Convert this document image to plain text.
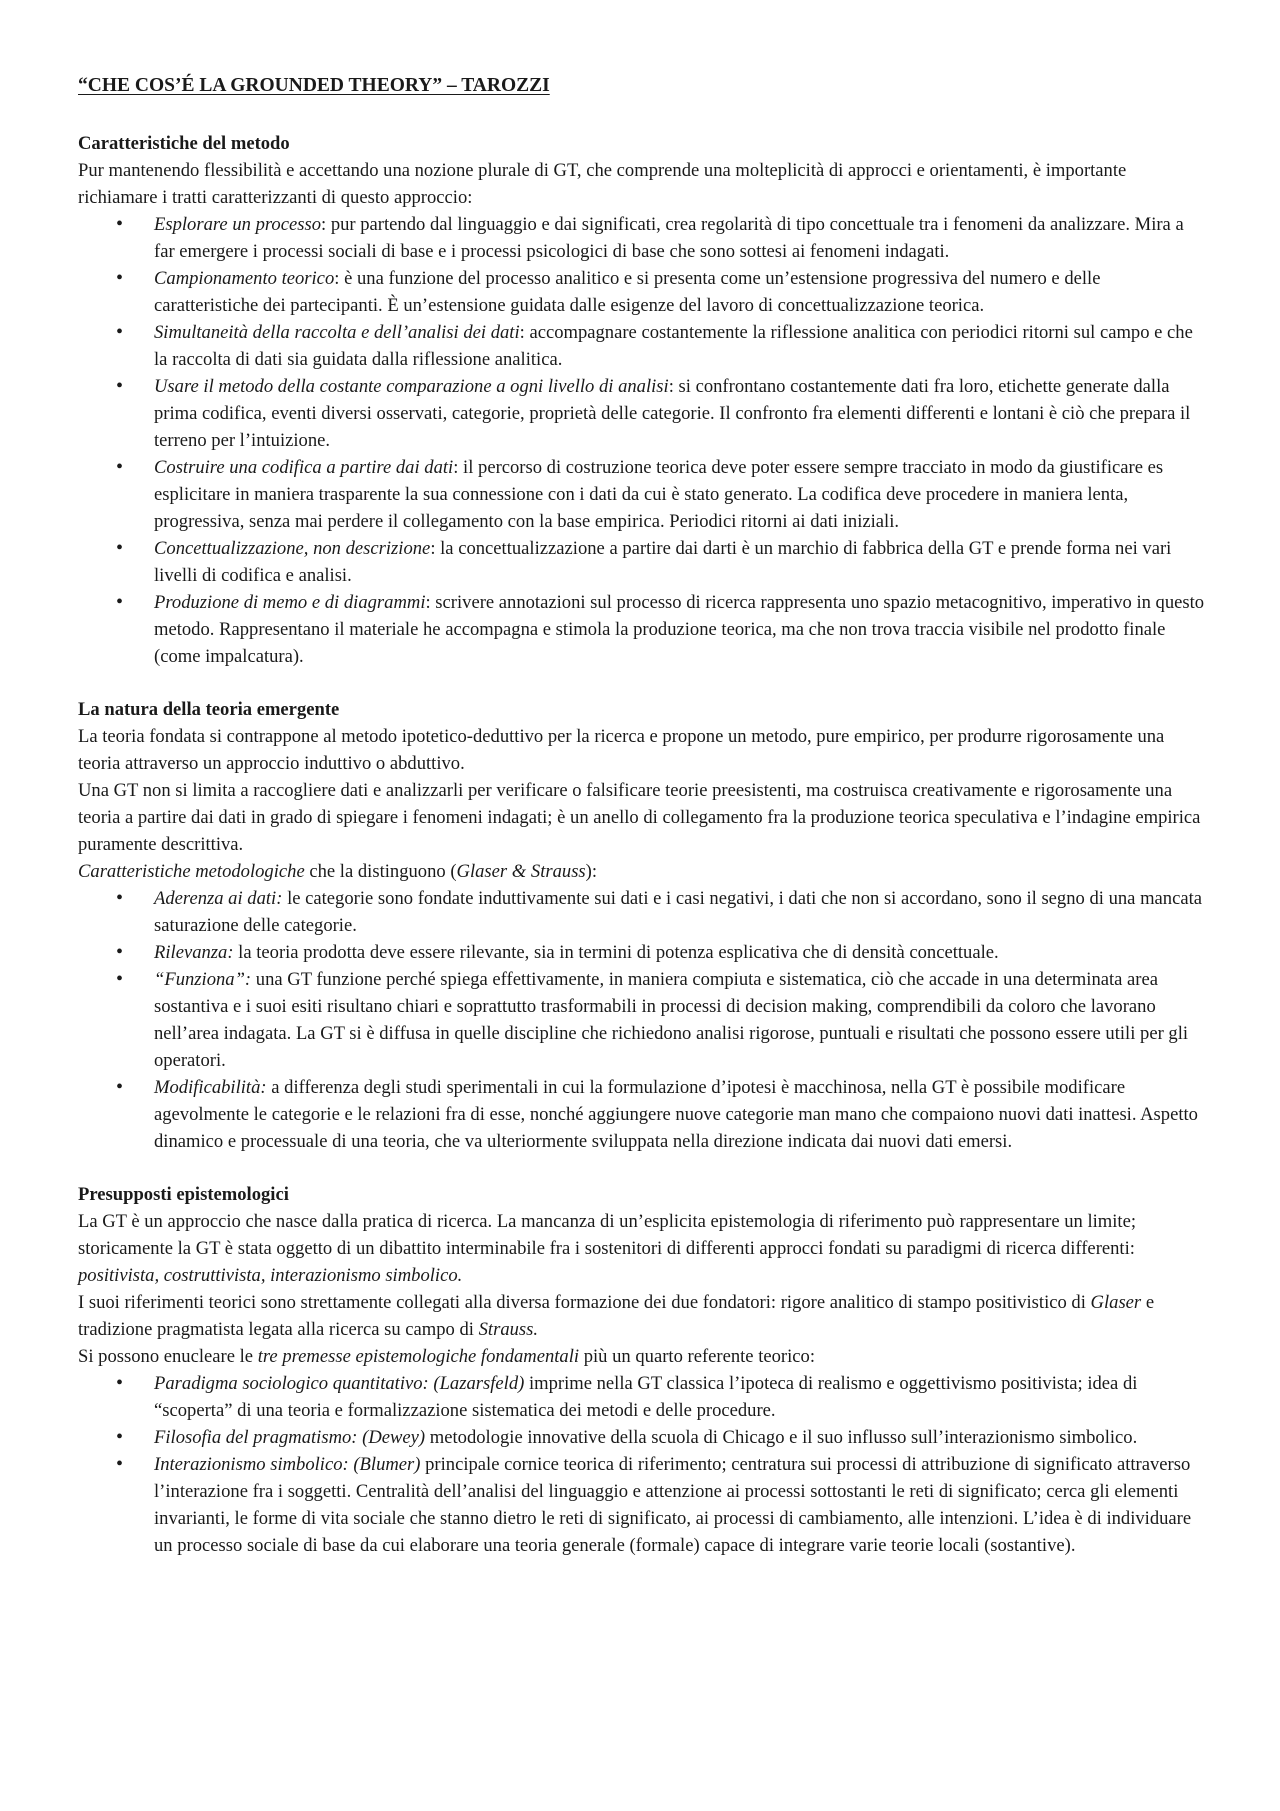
“CHE COS’É LA GROUNDED THEORY” – TAROZZI
Caratteristiche del metodo

Pur mantenendo flessibilità e accettando una nozione plurale di GT, che comprende una molteplicità di approcci e orientamenti, è importante richiamare i tratti caratterizzanti di questo approccio:

• Esplorare un processo: pur partendo dal linguaggio e dai significati, crea regolarità di tipo concettuale tra i fenomeni da analizzare. Mira a far emergere i processi sociali di base e i processi psicologici di base che sono sottesi ai fenomeni indagati.
• Campionamento teorico: è una funzione del processo analitico e si presenta come un’estensione progressiva del numero e delle caratteristiche dei partecipanti. È un’estensione guidata dalle esigenze del lavoro di concettualizzazione teorica.
• Simultaneità della raccolta e dell’analisi dei dati: accompagnare costantemente la riflessione analitica con periodici ritorni sul campo e che la raccolta di dati sia guidata dalla riflessione analitica.
• Usare il metodo della costante comparazione a ogni livello di analisi: si confrontano costantemente dati fra loro, etichette generate dalla prima codifica, eventi diversi osservati, categorie, proprietà delle categorie. Il confronto fra elementi differenti e lontani è ciò che prepara il terreno per l’intuizione.
• Costruire una codifica a partire dai dati: il percorso di costruzione teorica deve poter essere sempre tracciato in modo da giustificare es esplicitare in maniera trasparente la sua connessione con i dati da cui è stato generato. La codifica deve procedere in maniera lenta, progressiva, senza mai perdere il collegamento con la base empirica. Periodici ritorni ai dati iniziali.
• Concettualizzazione, non descrizione: la concettualizzazione a partire dai darti è un marchio di fabbrica della GT e prende forma nei vari livelli di codifica e analisi.
• Produzione di memo e di diagrammi: scrivere annotazioni sul processo di ricerca rappresenta uno spazio metacognitivo, imperativo in questo metodo. Rappresentano il materiale he accompagna e stimola la produzione teorica, ma che non trova traccia visibile nel prodotto finale (come impalcatura).
La natura della teoria emergente

La teoria fondata si contrappone al metodo ipotetico-deduttivo per la ricerca e propone un metodo, pure empirico, per produrre rigorosamente una teoria attraverso un approccio induttivo o abduttivo.

Una GT non si limita a raccogliere dati e analizzarli per verificare o falsificare teorie preesistenti, ma costruisca creativamente e rigorosamente una teoria a partire dai dati in grado di spiegare i fenomeni indagati; è un anello di collegamento fra la produzione teorica speculativa e l’indagine empirica puramente descrittiva.

Caratteristiche metodologiche che la distinguono (Glaser & Strauss):

• Aderenza ai dati: le categorie sono fondate induttivamente sui dati e i casi negativi, i dati che non si accordano, sono il segno di una mancata saturazione delle categorie.
• Rilevanza: la teoria prodotta deve essere rilevante, sia in termini di potenza esplicativa che di densità concettuale.
• “Funziona”: una GT funzione perché spiega effettivamente, in maniera compiuta e sistematica, ciò che accade in una determinata area sostantiva e i suoi esiti risultano chiari e soprattutto trasformabili in processi di decision making, comprendibili da coloro che lavorano nell’area indagata. La GT si è diffusa in quelle discipline che richiedono analisi rigorose, puntuali e risultati che possono essere utili per gli operatori.
• Modificabilità: a differenza degli studi sperimentali in cui la formulazione d’ipotesi è macchinosa, nella GT è possibile modificare agevolmente le categorie e le relazioni fra di esse, nonché aggiungere nuove categorie man mano che compaiono nuovi dati inattesi. Aspetto dinamico e processuale di una teoria, che va ulteriormente sviluppata nella direzione indicata dai nuovi dati emersi.
Presupposti epistemologici

La GT è un approccio che nasce dalla pratica di ricerca. La mancanza di un’esplicita epistemologia di riferimento può rappresentare un limite; storicamente la GT è stata oggetto di un dibattito interminabile fra i sostenitori di differenti approcci fondati su paradigmi di ricerca differenti: positivista, costruttivista, interazionismo simbolico.

I suoi riferimenti teorici sono strettamente collegati alla diversa formazione dei due fondatori: rigore analitico di stampo positivistico di Glaser e tradizione pragmatista legata alla ricerca su campo di Strauss.

Si possono enucleare le tre premesse epistemologiche fondamentali più un quarto referente teorico:

• Paradigma sociologico quantitativo: (Lazarsfeld) imprime nella GT classica l’ipoteca di realismo e oggettivismo positivista; idea di “scoperta” di una teoria e formalizzazione sistematica dei metodi e delle procedure.
• Filosofia del pragmatismo: (Dewey) metodologie innovative della scuola di Chicago e il suo influsso sull’interazionismo simbolico.
• Interazionismo simbolico: (Blumer) principale cornice teorica di riferimento; centratura sui processi di attribuzione di significato attraverso l’interazione fra i soggetti. Centralità dell’analisi del linguaggio e attenzione ai processi sottostanti le reti di significato; cerca gli elementi invarianti, le forme di vita sociale che stanno dietro le reti di significato, ai processi di cambiamento, alle intenzioni. L’idea è di individuare un processo sociale di base da cui elaborare una teoria generale (formale) capace di integrare varie teorie locali (sostantive).
